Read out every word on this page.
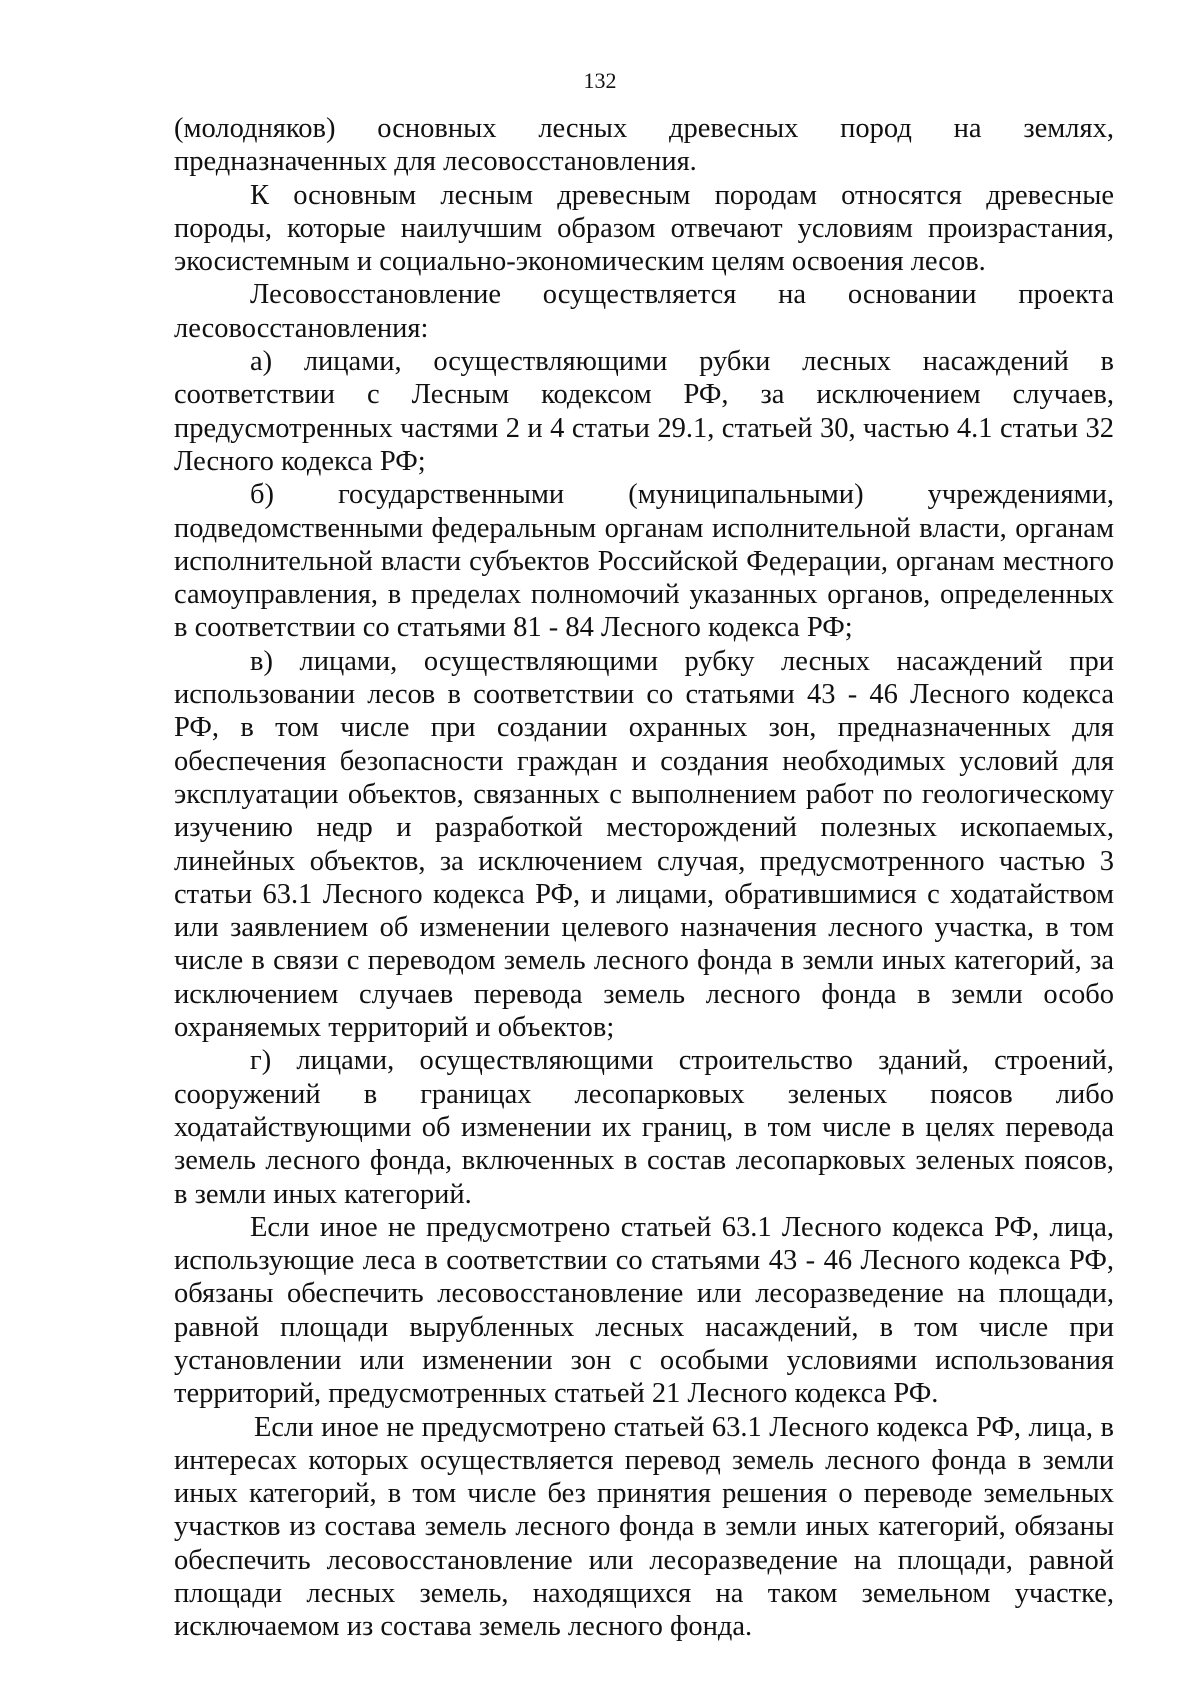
132

(молодняков) основных лесных древесных пород на землях, предназначенных для лесовосстановления.

К основным лесным древесным породам относятся древесные породы, которые наилучшим образом отвечают условиям произрастания, экосистемным и социально-экономическим целям освоения лесов.

Лесовосстановление осуществляется на основании проекта лесовосстановления:

а) лицами, осуществляющими рубки лесных насаждений в соответствии с Лесным кодексом РФ, за исключением случаев, предусмотренных частями 2 и 4 статьи 29.1, статьей 30, частью 4.1 статьи 32 Лесного кодекса РФ;

б) государственными (муниципальными) учреждениями, подведомственными федеральным органам исполнительной власти, органам исполнительной власти субъектов Российской Федерации, органам местного самоуправления, в пределах полномочий указанных органов, определенных в соответствии со статьями 81 - 84 Лесного кодекса РФ;

в) лицами, осуществляющими рубку лесных насаждений при использовании лесов в соответствии со статьями 43 - 46 Лесного кодекса РФ, в том числе при создании охранных зон, предназначенных для обеспечения безопасности граждан и создания необходимых условий для эксплуатации объектов, связанных с выполнением работ по геологическому изучению недр и разработкой месторождений полезных ископаемых, линейных объектов, за исключением случая, предусмотренного частью 3 статьи 63.1 Лесного кодекса РФ, и лицами, обратившимися с ходатайством или заявлением об изменении целевого назначения лесного участка, в том числе в связи с переводом земель лесного фонда в земли иных категорий, за исключением случаев перевода земель лесного фонда в земли особо охраняемых территорий и объектов;

г) лицами, осуществляющими строительство зданий, строений, сооружений в границах лесопарковых зеленых поясов либо ходатайствующими об изменении их границ, в том числе в целях перевода земель лесного фонда, включенных в состав лесопарковых зеленых поясов, в земли иных категорий.

Если иное не предусмотрено статьей 63.1 Лесного кодекса РФ, лица, использующие леса в соответствии со статьями 43 - 46 Лесного кодекса РФ, обязаны обеспечить лесовосстановление или лесоразведение на площади, равной площади вырубленных лесных насаждений, в том числе при установлении или изменении зон с особыми условиями использования территорий, предусмотренных статьей 21 Лесного кодекса РФ.

Если иное не предусмотрено статьей 63.1 Лесного кодекса РФ, лица, в интересах которых осуществляется перевод земель лесного фонда в земли иных категорий, в том числе без принятия решения о переводе земельных участков из состава земель лесного фонда в земли иных категорий, обязаны обеспечить лесовосстановление или лесоразведение на площади, равной площади лесных земель, находящихся на таком земельном участке, исключаемом из состава земель лесного фонда.
